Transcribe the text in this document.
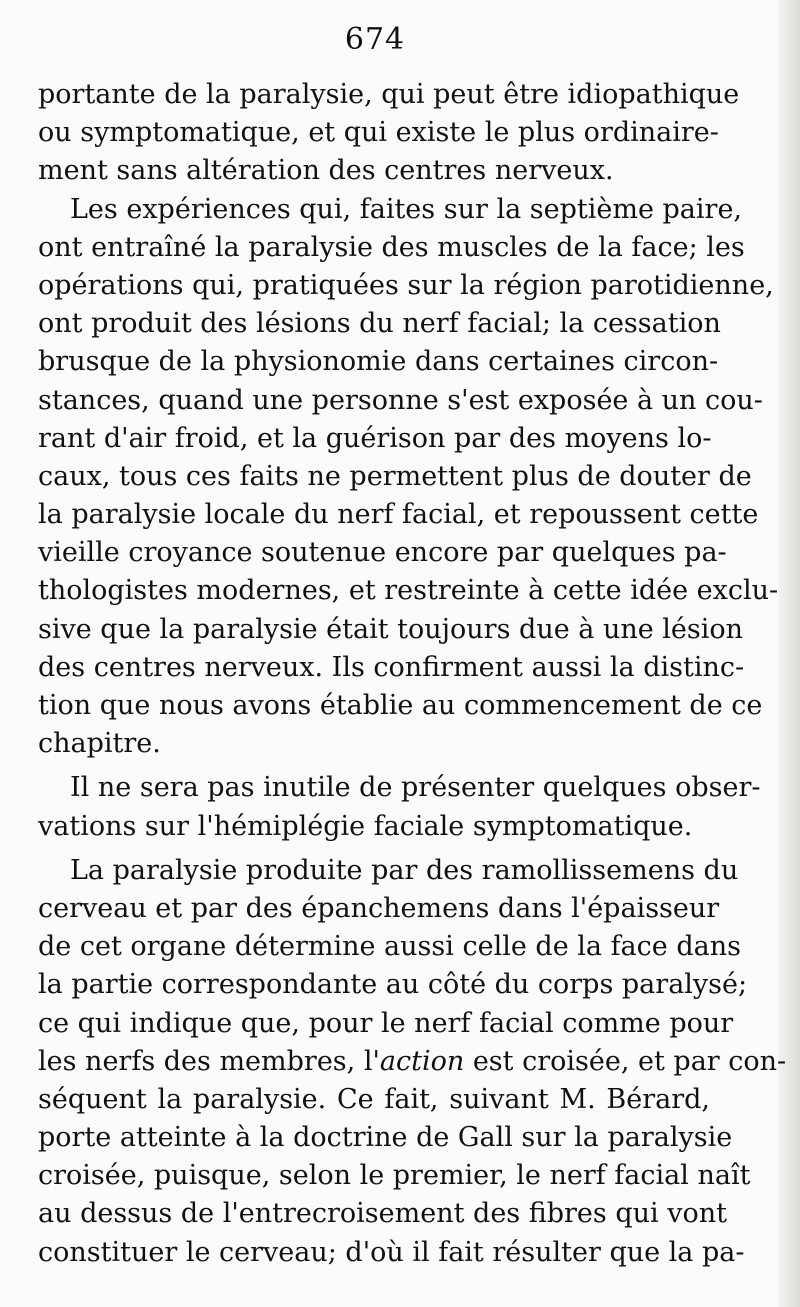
674

portante de la paralysie, qui peut être idiopathique
ou symptomatique, et qui existe le plus ordinaire-
ment sans altération des centres nerveux.
Les expériences qui, faites sur la septième paire,
ont entraîné la paralysie des muscles de la face; les
opérations qui, pratiquées sur la région parotidienne,
ont produit des lésions du nerf facial; la cessation
brusque de la physionomie dans certaines circon-
stances, quand une personne s'est exposée à un cou-
rant d'air froid, et la guérison par des moyens lo-
caux, tous ces faits ne permettent plus de douter de
la paralysie locale du nerf facial, et repoussent cette
vieille croyance soutenue encore par quelques pa-
thologistes modernes, et restreinte à cette idée exclu-
sive que la paralysie était toujours due à une lésion
des centres nerveux. Ils confirment aussi la distinc-
tion que nous avons établie au commencement de ce
chapitre.
Il ne sera pas inutile de présenter quelques obser-
vations sur l'hémiplégie faciale symptomatique.
La paralysie produite par des ramollissemens du
cerveau et par des épanchemens dans l'épaisseur
de cet organe détermine aussi celle de la face dans
la partie correspondante au côté du corps paralysé;
ce qui indique que, pour le nerf facial comme pour
les nerfs des membres, l'action est croisée, et par con-
séquent la paralysie. Ce fait, suivant M. Bérard,
porte atteinte à la doctrine de Gall sur la paralysie
croisée, puisque, selon le premier, le nerf facial naît
au dessus de l'entrecroisement des fibres qui vont
constituer le cerveau; d'où il fait résulter que la pa-
